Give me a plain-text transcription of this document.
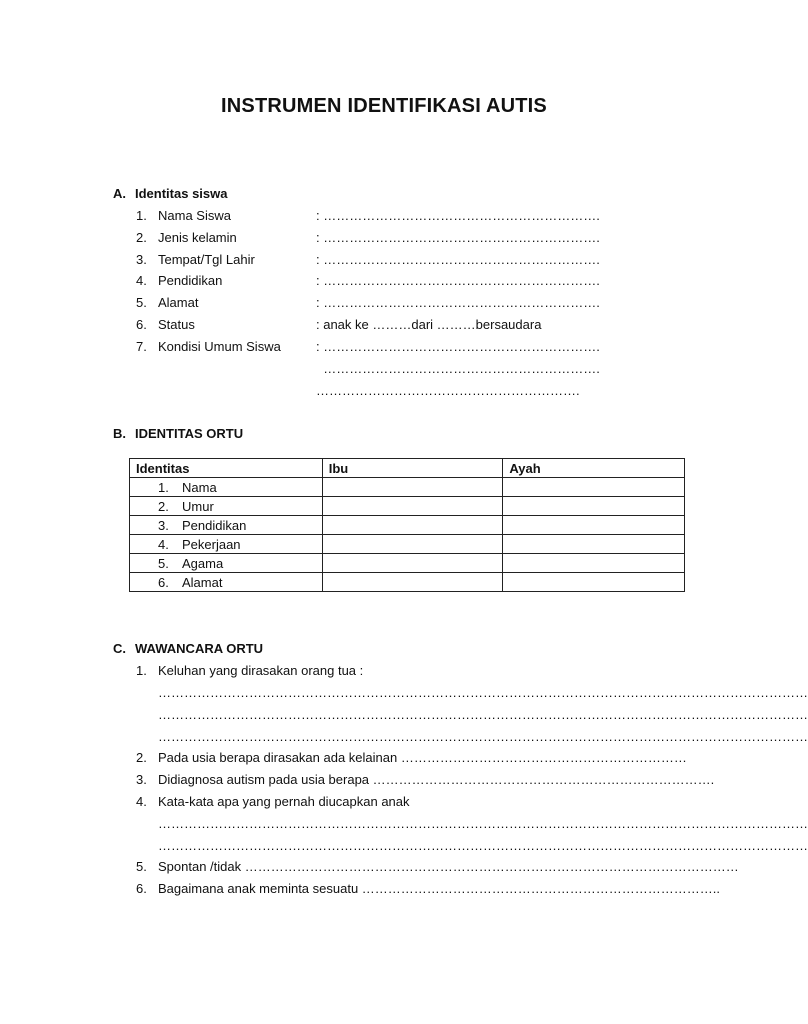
INSTRUMEN IDENTIFIKASI AUTIS
A. Identitas siswa
1. Nama Siswa	: ……………………………………………………….
2. Jenis kelamin	: ……………………………………………………….
3. Tempat/Tgl Lahir	: ……………………………………………………….
4. Pendidikan	: ……………………………………………………….
5. Alamat	: ……………………………………………………….
6. Status	: anak ke ………dari ………bersaudara
7. Kondisi Umum Siswa	: ……………………………………………………….
……………………………………………………….
…………………………………………………….
B. IDENTITAS ORTU
Identitas	Ibu	Ayah
1. Nama		
2. Umur		
3. Pendidikan		
4. Pekerjaan		
5. Agama		
6. Alamat		
C. WAWANCARA ORTU
1. Keluhan yang dirasakan orang tua :
……………………………………………………………………………………………………………………………………
……………………………………………………………………………………………………………………………………
……………………………………………………………………………………………………………………………………
2. Pada usia berapa dirasakan ada kelainan …………………………………………………………
3. Didiagnosa autism pada usia berapa …………………………………………………………………….
4. Kata-kata apa yang pernah diucapkan anak
……………………………………………………………………………………………………………………………………
……………………………………………………………………………………………………………………………………
5. Spontan /tidak ……………………………………………………………………………………………………
6. Bagaimana anak meminta sesuatu ………………………………………………………………………..
